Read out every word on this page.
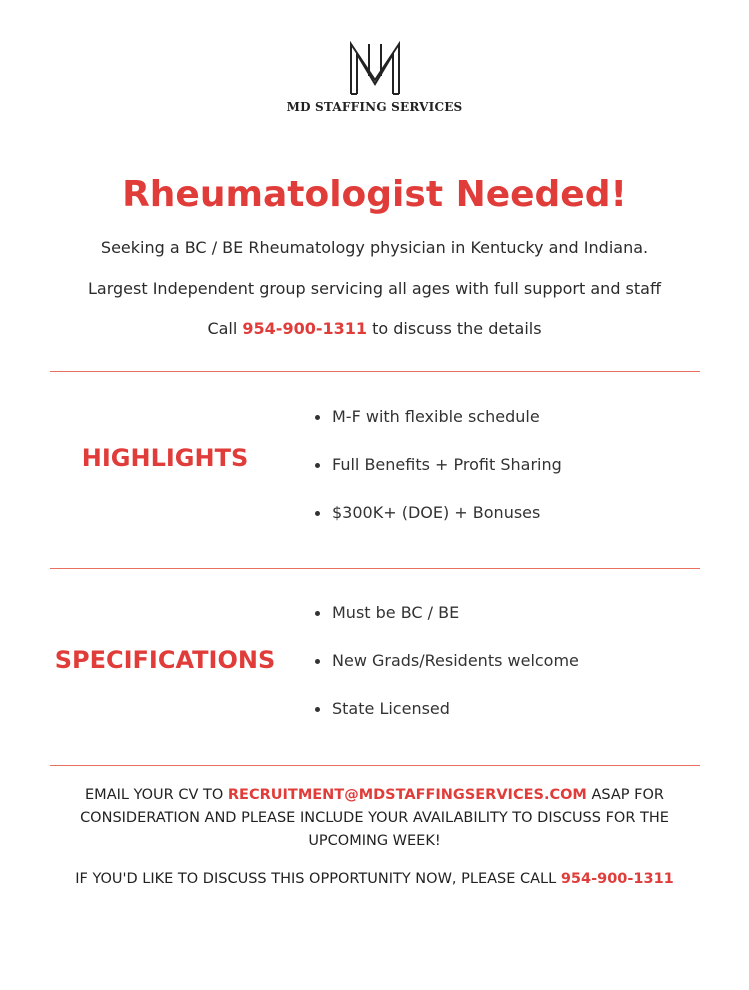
MD STAFFING SERVICES
Rheumatologist Needed!
Seeking a BC / BE Rheumatology physician in Kentucky and Indiana.
Largest Independent group servicing all ages with full support and staff
Call 954-900-1311 to discuss the details
HIGHLIGHTS
M-F with flexible schedule
Full Benefits + Profit Sharing
$300K+ (DOE) + Bonuses
SPECIFICATIONS
Must be BC / BE
New Grads/Residents welcome
State Licensed

EMAIL YOUR CV TO RECRUITMENT@MDSTAFFINGSERVICES.COM ASAP FOR CONSIDERATION AND PLEASE INCLUDE YOUR AVAILABILITY TO DISCUSS FOR THE UPCOMING WEEK!

IF YOU'D LIKE TO DISCUSS THIS OPPORTUNITY NOW, PLEASE CALL 954-900-1311
